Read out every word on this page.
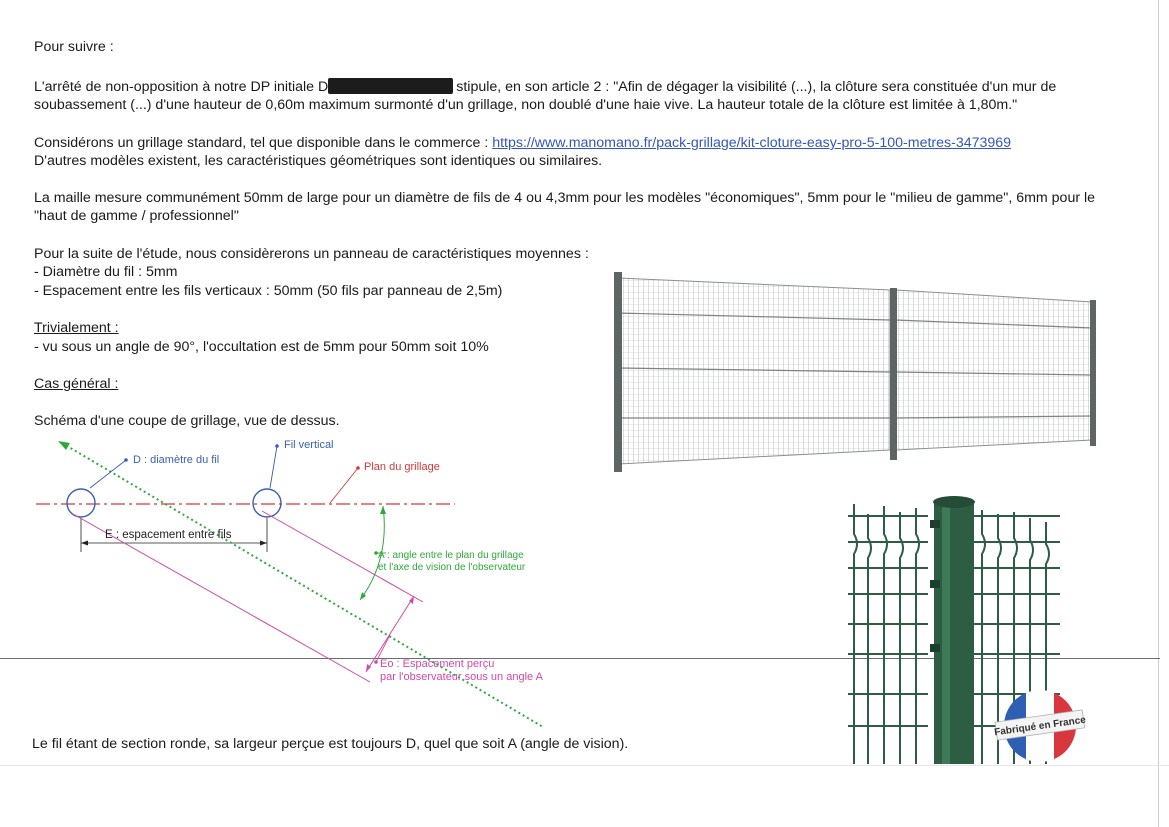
Pour suivre :
L'arrêté de non-opposition à notre DP initiale D	stipule, en son article 2 : "Afin de dégager la visibilité (...), la clôture sera constituée d'un mur de
soubassement (...) d'une hauteur de 0,60m maximum surmonté d'un grillage, non doublé d'une haie vive. La hauteur totale de la clôture est limitée à 1,80m."
Considérons un grillage standard, tel que disponible dans le commerce : https://www.manomano.fr/pack-grillage/kit-cloture-easy-pro-5-100-metres-3473969
D'autres modèles existent, les caractéristiques géométriques sont identiques ou similaires.
La maille mesure communément 50mm de large pour un diamètre de fils de 4 ou 4,3mm pour les modèles "économiques", 5mm pour le "milieu de gamme", 6mm pour le
"haut de gamme / professionnel"
Pour la suite de l'étude, nous considèrerons un panneau de caractéristiques moyennes :
- Diamètre du fil : 5mm
- Espacement entre les fils verticaux : 50mm (50 fils par panneau de 2,5m)
Trivialement :
- vu sous un angle de 90°, l'occultation est de 5mm pour 50mm soit 10%
Cas général :
Schéma d'une coupe de grillage, vue de dessus.
Le fil étant de section ronde, sa largeur perçue est toujours D, quel que soit A (angle de vision).
D : diamètre du fil
Fil vertical
Plan du grillage
E : espacement entre fils
A : angle entre le plan du grillage
et l'axe de vision de l'observateur
Eo : Espacement perçu
par l'observateur sous un angle A
Fabriqué en France
